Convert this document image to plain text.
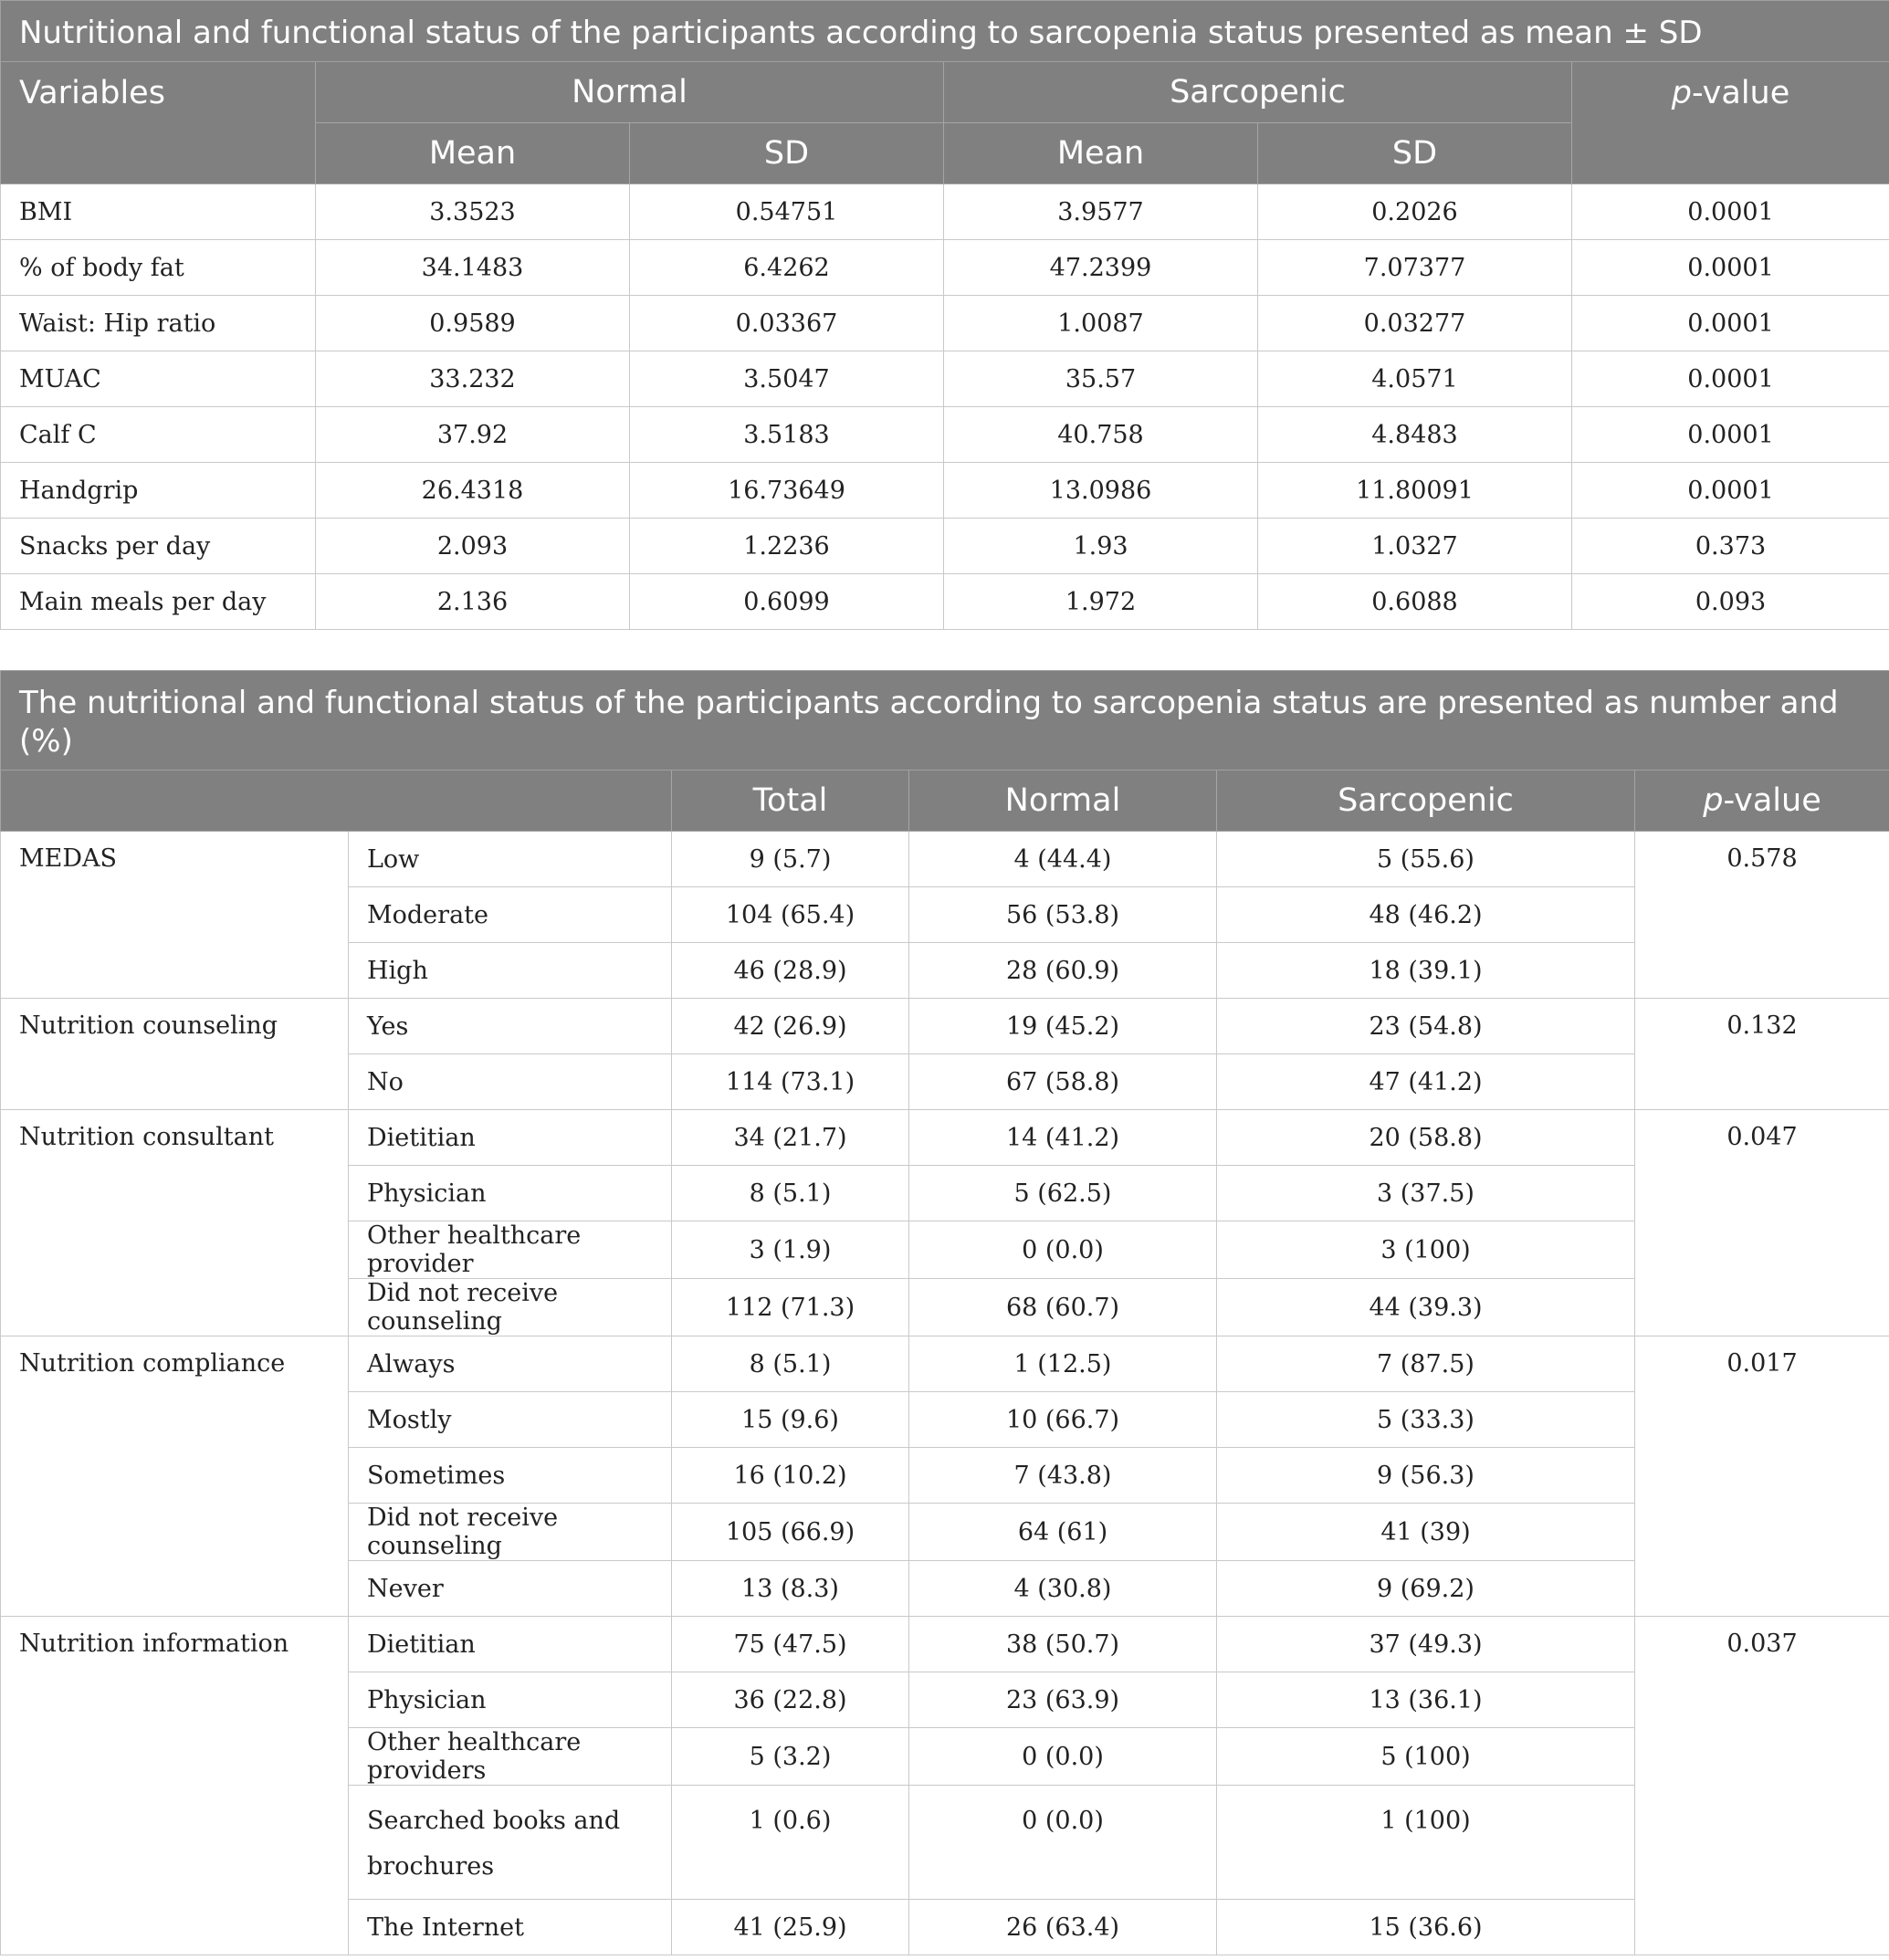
Nutritional and functional status of the participants according to sarcopenia status presented as mean ± SD					
Variables	Normal		Sarcopenic		p-value
	Mean	SD	Mean	SD	
BMI	3.3523	0.54751	3.9577	0.2026	0.0001
% of body fat	34.1483	6.4262	47.2399	7.07377	0.0001
Waist: Hip ratio	0.9589	0.03367	1.0087	0.03277	0.0001
MUAC	33.232	3.5047	35.57	4.0571	0.0001
Calf C	37.92	3.5183	40.758	4.8483	0.0001
Handgrip	26.4318	16.73649	13.0986	11.80091	0.0001
Snacks per day	2.093	1.2236	1.93	1.0327	0.373
Main meals per day	2.136	0.6099	1.972	0.6088	0.093
The nutritional and functional status of the participants according to sarcopenia status are presented as number and (%)					
		Total	Normal	Sarcopenic	p-value
MEDAS	Low	9 (5.7)	4 (44.4)	5 (55.6)	0.578
	Moderate	104 (65.4)	56 (53.8)	48 (46.2)	
	High	46 (28.9)	28 (60.9)	18 (39.1)	
Nutrition counseling	Yes	42 (26.9)	19 (45.2)	23 (54.8)	0.132
	No	114 (73.1)	67 (58.8)	47 (41.2)	
Nutrition consultant	Dietitian	34 (21.7)	14 (41.2)	20 (58.8)	0.047
	Physician	8 (5.1)	5 (62.5)	3 (37.5)	
	Other healthcare provider	3 (1.9)	0 (0.0)	3 (100)	
	Did not receive counseling	112 (71.3)	68 (60.7)	44 (39.3)	
Nutrition compliance	Always	8 (5.1)	1 (12.5)	7 (87.5)	0.017
	Mostly	15 (9.6)	10 (66.7)	5 (33.3)	
	Sometimes	16 (10.2)	7 (43.8)	9 (56.3)	
	Did not receive counseling	105 (66.9)	64 (61)	41 (39)	
	Never	13 (8.3)	4 (30.8)	9 (69.2)	
Nutrition information	Dietitian	75 (47.5)	38 (50.7)	37 (49.3)	0.037
	Physician	36 (22.8)	23 (63.9)	13 (36.1)	
	Other healthcare providers	5 (3.2)	0 (0.0)	5 (100)	
	Searched books and brochures	1 (0.6)	0 (0.0)	1 (100)	
	The Internet	41 (25.9)	26 (63.4)	15 (36.6)	
